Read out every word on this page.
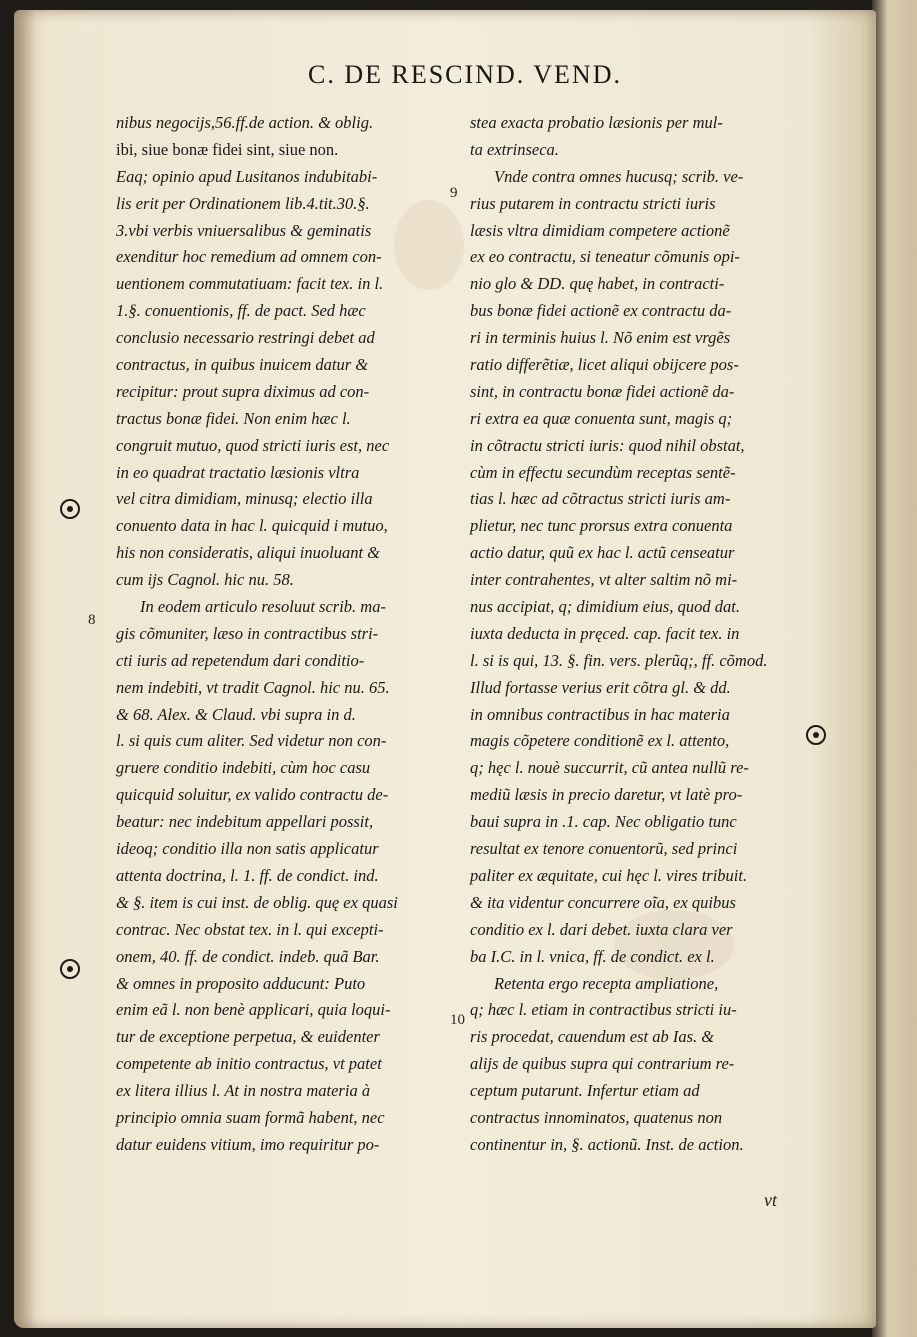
C. DE RESCIND. VEND.
nibus negocijs,56.ff.de action. & oblig.
ibi, siue bonæ fidei sint, siue non.
Eaq; opinio apud Lusitanos indubitabi-
lis erit per Ordinationem lib.4.tit.30.§.
3.vbi verbis vniuersalibus & geminatis
exenditur hoc remedium ad omnem con-
uentionem commutatiuam: facit tex. in l.
1.§. conuentionis, ff. de pact. Sed hæc
conclusio necessario restringi debet ad
contractus, in quibus inuicem datur &
recipitur: prout supra diximus ad con-
tractus bonæ fidei. Non enim hæc l.
congruit mutuo, quod stricti iuris est, nec
in eo quadrat tractatio læsionis vltra
vel citra dimidiam, minusq; electio illa
conuento data in hac l. quicquid i mutuo,
his non consideratis, aliqui inuoluant &
cum ijs Cagnol. hic nu. 58.
In eodem articulo resoluut scrib. ma-
gis cõmuniter, læso in contractibus stri-
cti iuris ad repetendum dari conditio-
nem indebiti, vt tradit Cagnol. hic nu. 65.
& 68. Alex. & Claud. vbi supra in d.
l. si quis cum aliter. Sed videtur non con-
gruere conditio indebiti, cùm hoc casu
quicquid soluitur, ex valido contractu de-
beatur: nec indebitum appellari possit,
ideoq; conditio illa non satis applicatur
attenta doctrina, l. 1. ff. de condict. ind.
& §. item is cui inst. de oblig. quę ex quasi
contrac. Nec obstat tex. in l. qui excepti-
onem, 40. ff. de condict. indeb. quã Bar.
& omnes in proposito adducunt: Puto
enim eã l. non benè applicari, quia loqui-
tur de exceptione perpetua, & euidenter
competente ab initio contractus, vt patet
ex litera illius l. At in nostra materia à
principio omnia suam formã habent, nec
datur euidens vitium, imo requiritur po-
stea exacta probatio læsionis per mul-
ta extrinseca.
Vnde contra omnes hucusq; scrib. ve-
rius putarem in contractu stricti iuris
læsis vltra dimidiam competere actionẽ
ex eo contractu, si teneatur cõmunis opi-
nio glo & DD. quę habet, in contracti-
bus bonæ fidei actionẽ ex contractu da-
ri in terminis huius l. Nõ enim est vrgẽs
ratio differẽtiæ, licet aliqui obijcere pos-
sint, in contractu bonæ fidei actionẽ da-
ri extra ea quæ conuenta sunt, magis q;
in cõtractu stricti iuris: quod nihil obstat,
cùm in effectu secundùm receptas sentẽ-
tias l. hæc ad cõtractus stricti iuris am-
plietur, nec tunc prorsus extra conuenta
actio datur, quũ ex hac l. actũ censeatur
inter contrahentes, vt alter saltim nõ mi-
nus accipiat, q; dimidium eius, quod dat.
iuxta deducta in pręced. cap. facit tex. in
l. si is qui, 13. §. fin. vers. plerũq;, ff. cõmod.
Illud fortasse verius erit cõtra gl. & dd.
in omnibus contractibus in hac materia
magis cõpetere conditionẽ ex l. attento,
q; hęc l. nouè succurrit, cũ antea nullũ re-
mediũ læsis in precio daretur, vt latè pro-
baui supra in .1. cap. Nec obligatio tunc
resultat ex tenore conuentorũ, sed princi
paliter ex æquitate, cui hęc l. vires tribuit.
& ita videntur concurrere oĩa, ex quibus
conditio ex l. dari debet. iuxta clara ver
ba I.C. in l. vnica, ff. de condict. ex l.
Retenta ergo recepta ampliatione,
q; hæc l. etiam in contractibus stricti iu-
ris procedat, cauendum est ab Ias. &
alijs de quibus supra qui contrarium re-
ceptum putarunt. Infertur etiam ad
contractus innominatos, quatenus non
continentur in, §. actionũ. Inst. de action.
8
9
10
vt
